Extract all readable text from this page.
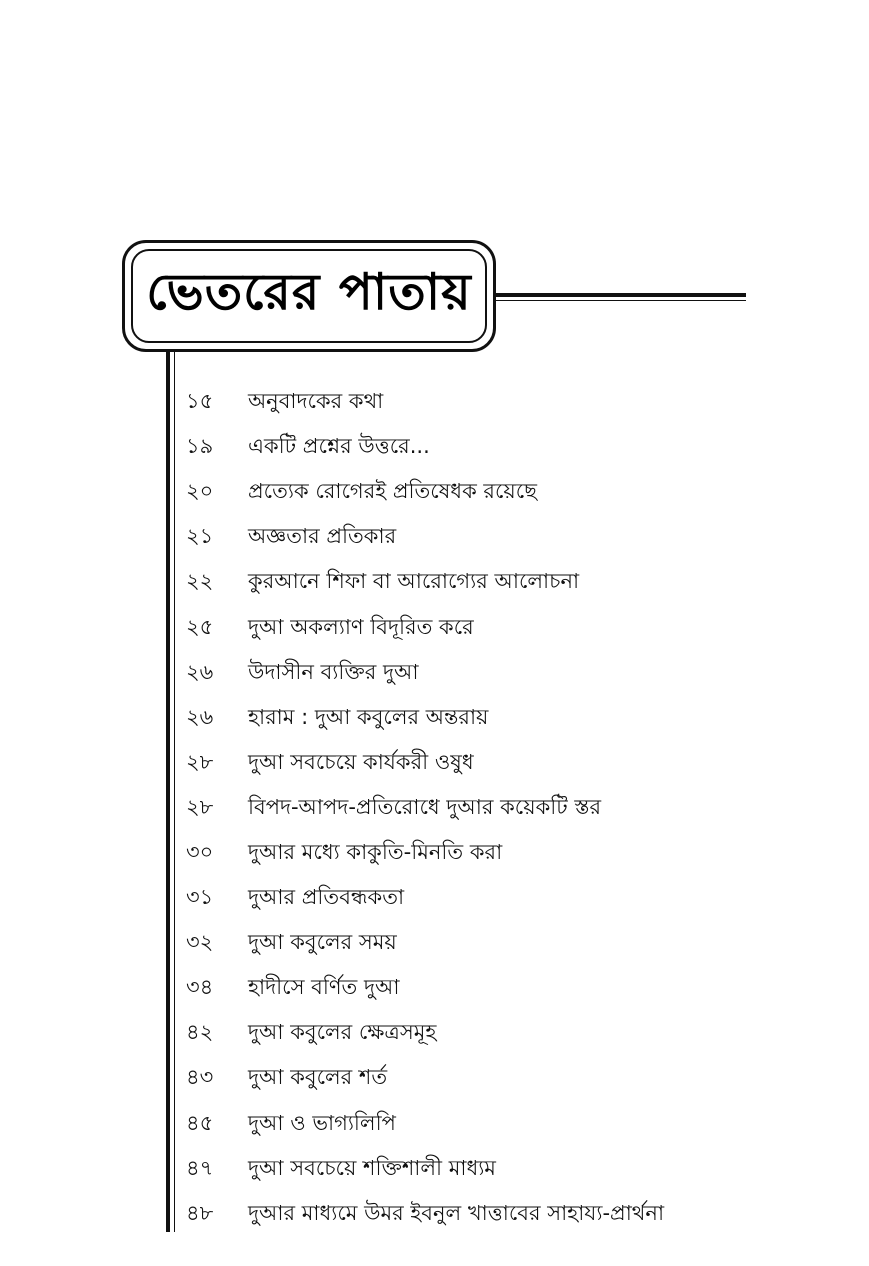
ভেতরের পাতায়
১৫	অনুবাদকের কথা
১৯	একটি প্রশ্নের উত্তরে...
২০	প্রত্যেক রোগেরই প্রতিষেধক রয়েছে
২১	অজ্ঞতার প্রতিকার
২২	কুরআনে শিফা বা আরোগ্যের আলোচনা
২৫	দুআ অকল্যাণ বিদূরিত করে
২৬	উদাসীন ব্যক্তির দুআ
২৬	হারাম : দুআ কবুলের অন্তরায়
২৮	দুআ সবচেয়ে কার্যকরী ওষুধ
২৮	বিপদ-আপদ-প্রতিরোধে দুআর কয়েকটি স্তর
৩০	দুআর মধ্যে কাকুতি-মিনতি করা
৩১	দুআর প্রতিবন্ধকতা
৩২	দুআ কবুলের সময়
৩৪	হাদীসে বর্ণিত দুআ
৪২	দুআ কবুলের ক্ষেত্রসমূহ
৪৩	দুআ কবুলের শর্ত
৪৫	দুআ ও ভাগ্যলিপি
৪৭	দুআ সবচেয়ে শক্তিশালী মাধ্যম
৪৮	দুআর মাধ্যমে উমর ইবনুল খাত্তাবের সাহায্য-প্রার্থনা
